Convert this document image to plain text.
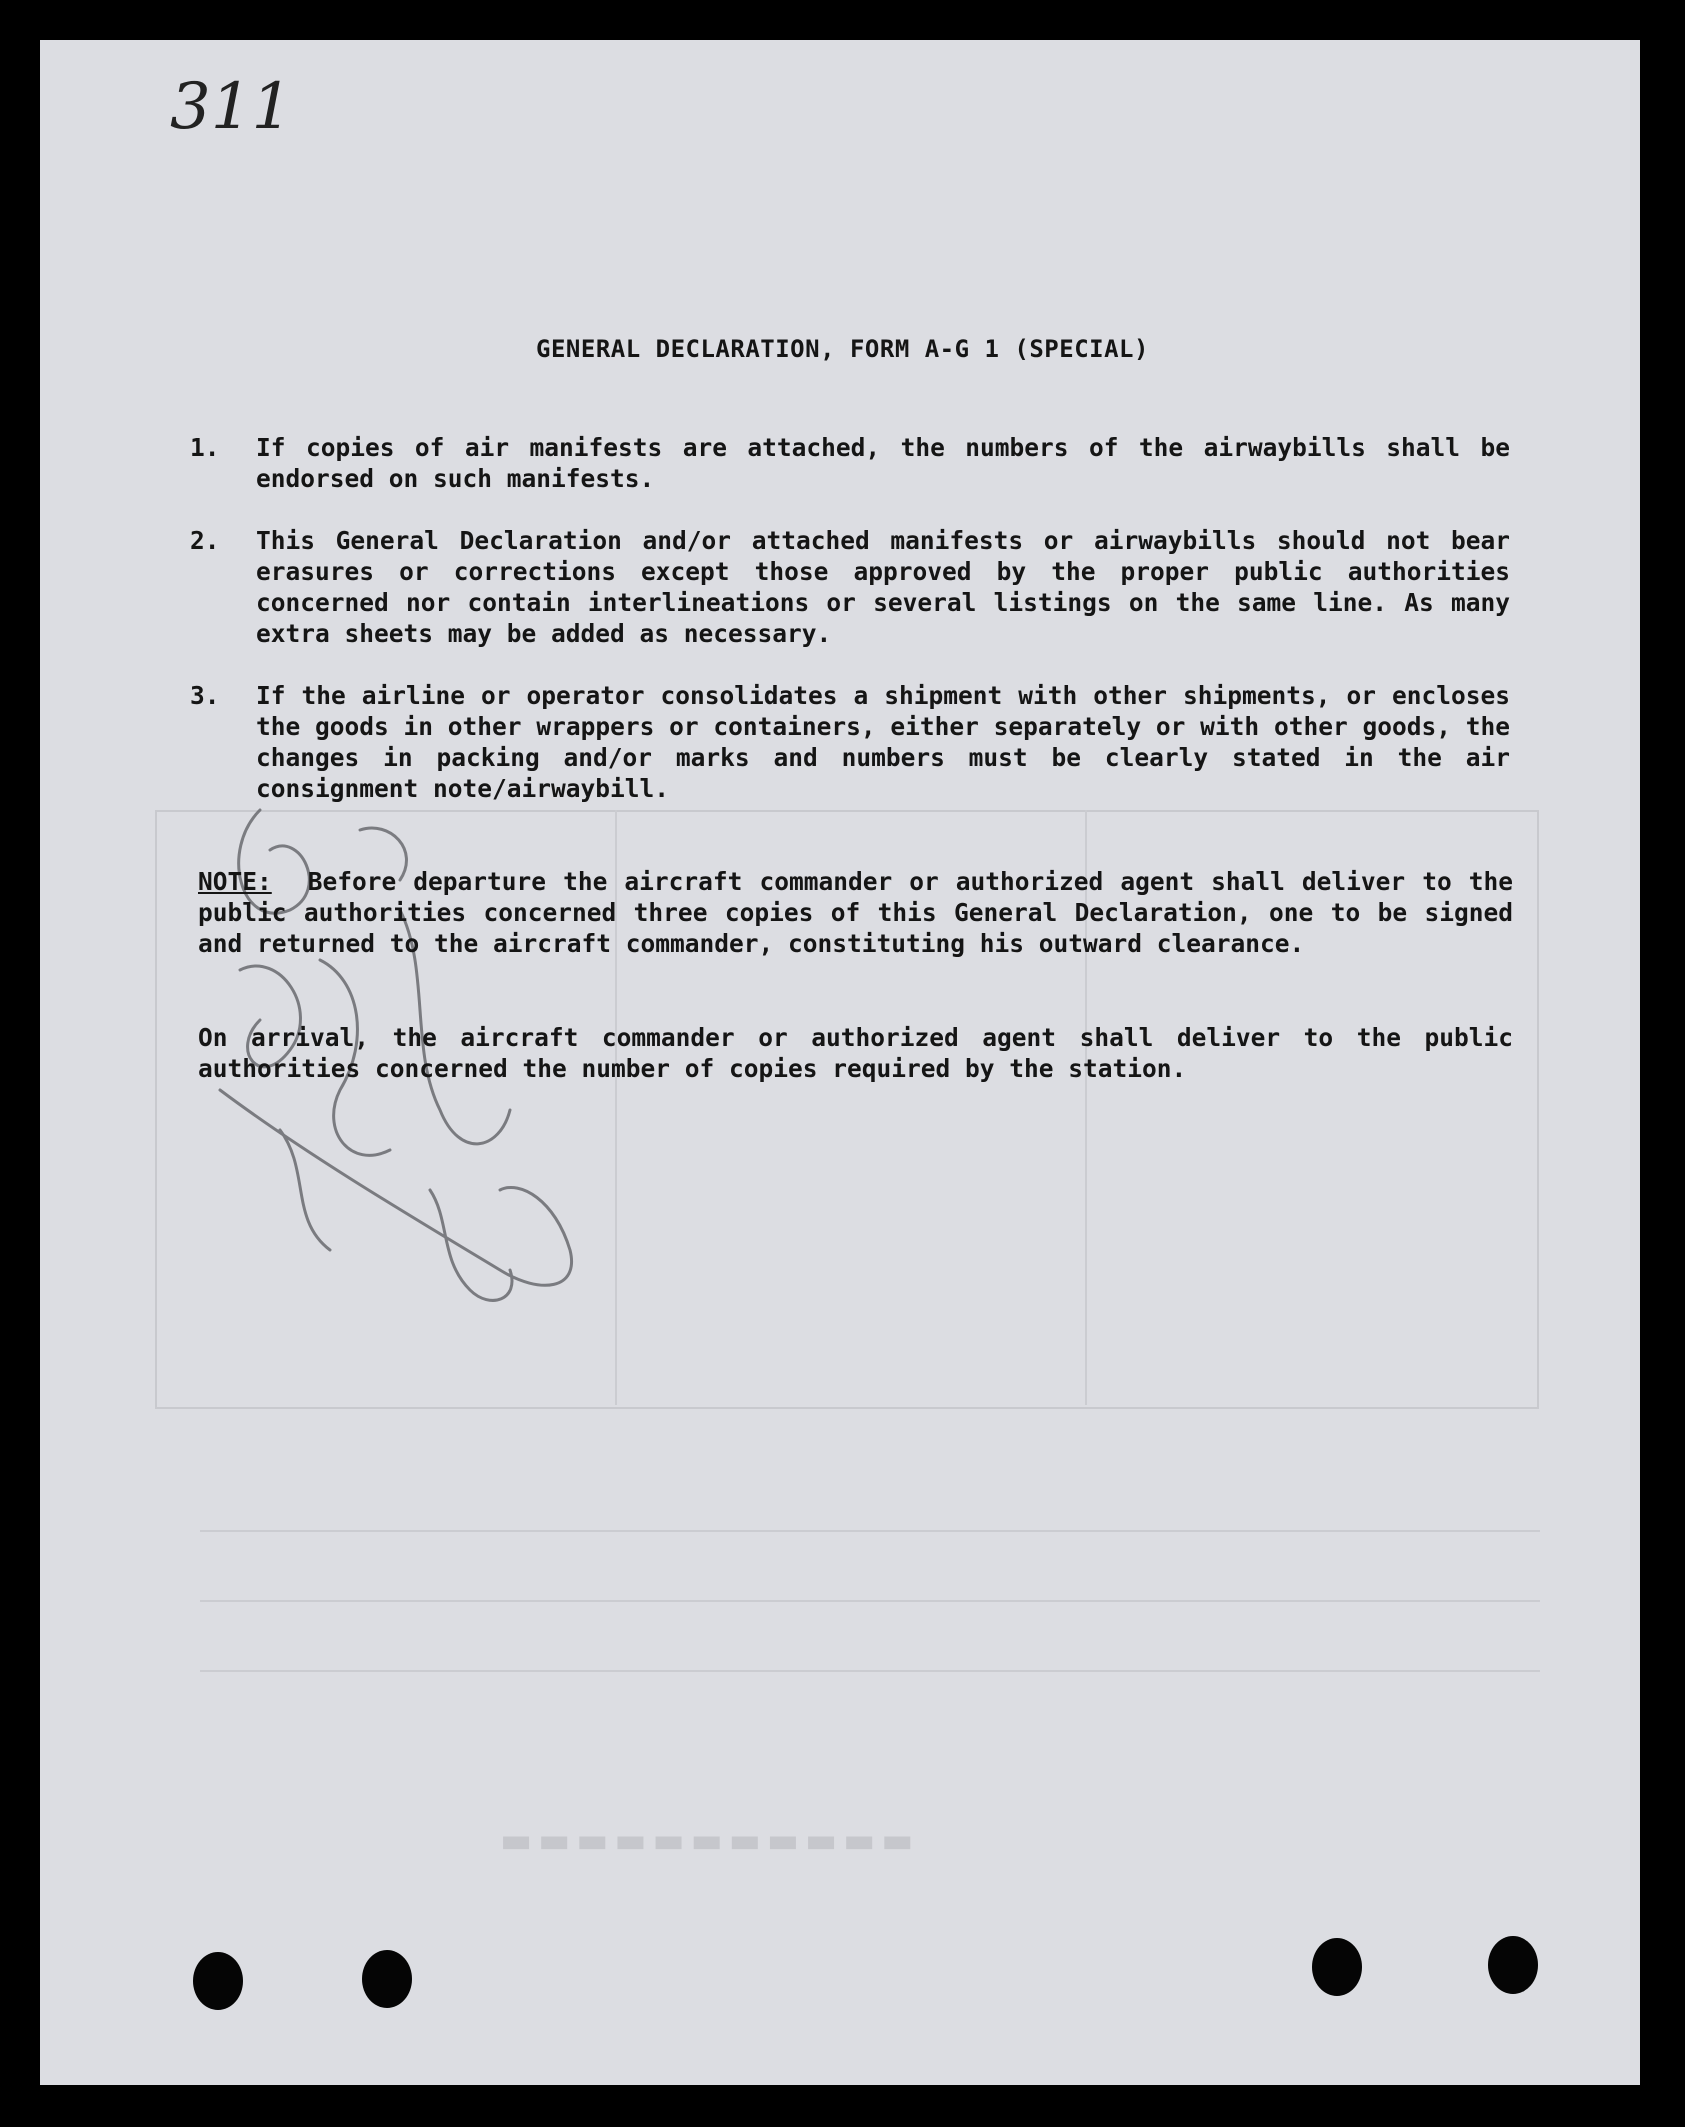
▬▬▬▬▬▬▬▬▬▬▬
311
GENERAL DECLARATION, FORM A-G 1 (SPECIAL)
1. If copies of air manifests are attached, the numbers of the airwaybills shall be endorsed on such manifests.
2. This General Declaration and/or attached manifests or airwaybills should not bear erasures or corrections except those approved by the proper public authorities concerned nor contain interlineations or several listings on the same line. As many extra sheets may be added as necessary.
3. If the airline or operator consolidates a shipment with other shipments, or encloses the goods in other wrappers or containers, either separately or with other goods, the changes in packing and/or marks and numbers must be clearly stated in the air consignment note/airwaybill.
NOTE: Before departure the aircraft commander or authorized agent shall deliver to the public authorities concerned three copies of this General Declaration, one to be signed and returned to the aircraft commander, constituting his outward clearance.
On arrival, the aircraft commander or authorized agent shall deliver to the public authorities concerned the number of copies required by the station.
